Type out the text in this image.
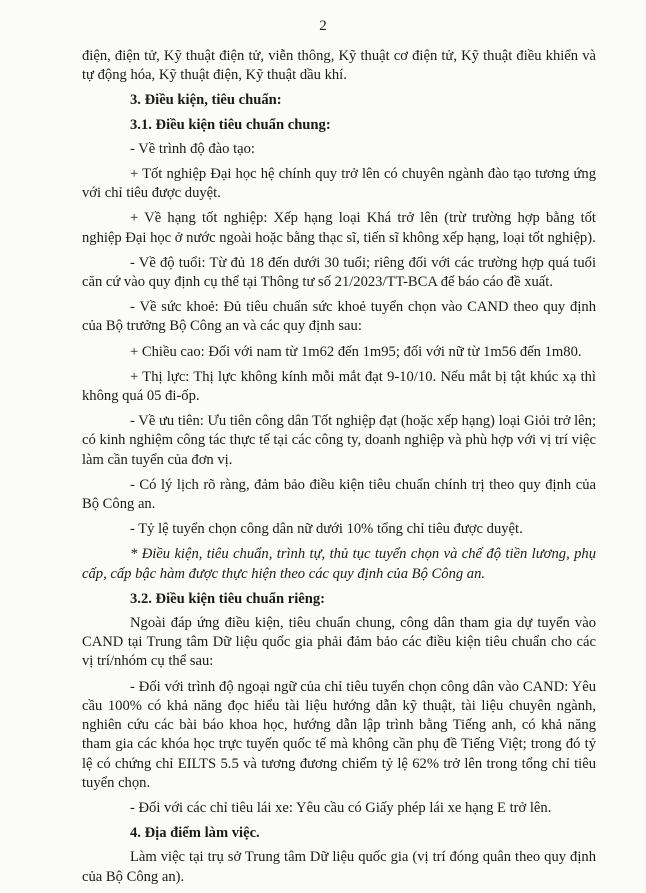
2

điện, điện tử, Kỹ thuật điện tử, viễn thông, Kỹ thuật cơ điện tử, Kỹ thuật điều khiển và tự động hóa, Kỹ thuật điện, Kỹ thuật dầu khí.

3. Điều kiện, tiêu chuẩn:

3.1. Điều kiện tiêu chuẩn chung:

- Về trình độ đào tạo:

+ Tốt nghiệp Đại học hệ chính quy trở lên có chuyên ngành đào tạo tương ứng với chỉ tiêu được duyệt.

+ Về hạng tốt nghiệp: Xếp hạng loại Khá trở lên (trừ trường hợp bằng tốt nghiệp Đại học ở nước ngoài hoặc bằng thạc sĩ, tiến sĩ không xếp hạng, loại tốt nghiệp).

- Về độ tuổi: Từ đủ 18 đến dưới 30 tuổi; riêng đối với các trường hợp quá tuổi căn cứ vào quy định cụ thể tại Thông tư số 21/2023/TT-BCA để báo cáo đề xuất.

- Về sức khoẻ: Đủ tiêu chuẩn sức khoẻ tuyển chọn vào CAND theo quy định của Bộ trưởng Bộ Công an và các quy định sau:

+ Chiều cao: Đối với nam từ 1m62 đến 1m95; đối với nữ từ 1m56 đến 1m80.

+ Thị lực: Thị lực không kính mỗi mắt đạt 9-10/10. Nếu mắt bị tật khúc xạ thì không quá 05 đi-ốp.

- Về ưu tiên: Ưu tiên công dân Tốt nghiệp đạt (hoặc xếp hạng) loại Giỏi trở lên; có kinh nghiệm công tác thực tế tại các công ty, doanh nghiệp và phù hợp với vị trí việc làm cần tuyển của đơn vị.

- Có lý lịch rõ ràng, đảm bảo điều kiện tiêu chuẩn chính trị theo quy định của Bộ Công an.

- Tỷ lệ tuyển chọn công dân nữ dưới 10% tổng chỉ tiêu được duyệt.

* Điều kiện, tiêu chuẩn, trình tự, thủ tục tuyển chọn và chế độ tiền lương, phụ cấp, cấp bậc hàm được thực hiện theo các quy định của Bộ Công an.

3.2. Điều kiện tiêu chuẩn riêng:

Ngoài đáp ứng điều kiện, tiêu chuẩn chung, công dân tham gia dự tuyển vào CAND tại Trung tâm Dữ liệu quốc gia phải đảm bảo các điều kiện tiêu chuẩn cho các vị trí/nhóm cụ thể sau:

- Đối với trình độ ngoại ngữ của chỉ tiêu tuyển chọn công dân vào CAND: Yêu cầu 100% có khả năng đọc hiểu tài liệu hướng dẫn kỹ thuật, tài liệu chuyên ngành, nghiên cứu các bài báo khoa học, hướng dẫn lập trình bằng Tiếng anh, có khả năng tham gia các khóa học trực tuyến quốc tế mà không cần phụ đề Tiếng Việt; trong đó tỷ lệ có chứng chỉ EILTS 5.5 và tương đương chiếm tỷ lệ 62% trở lên trong tổng chỉ tiêu tuyển chọn.

- Đối với các chỉ tiêu lái xe: Yêu cầu có Giấy phép lái xe hạng E trở lên.

4. Địa điểm làm việc.

Làm việc tại trụ sở Trung tâm Dữ liệu quốc gia (vị trí đóng quân theo quy định của Bộ Công an).
